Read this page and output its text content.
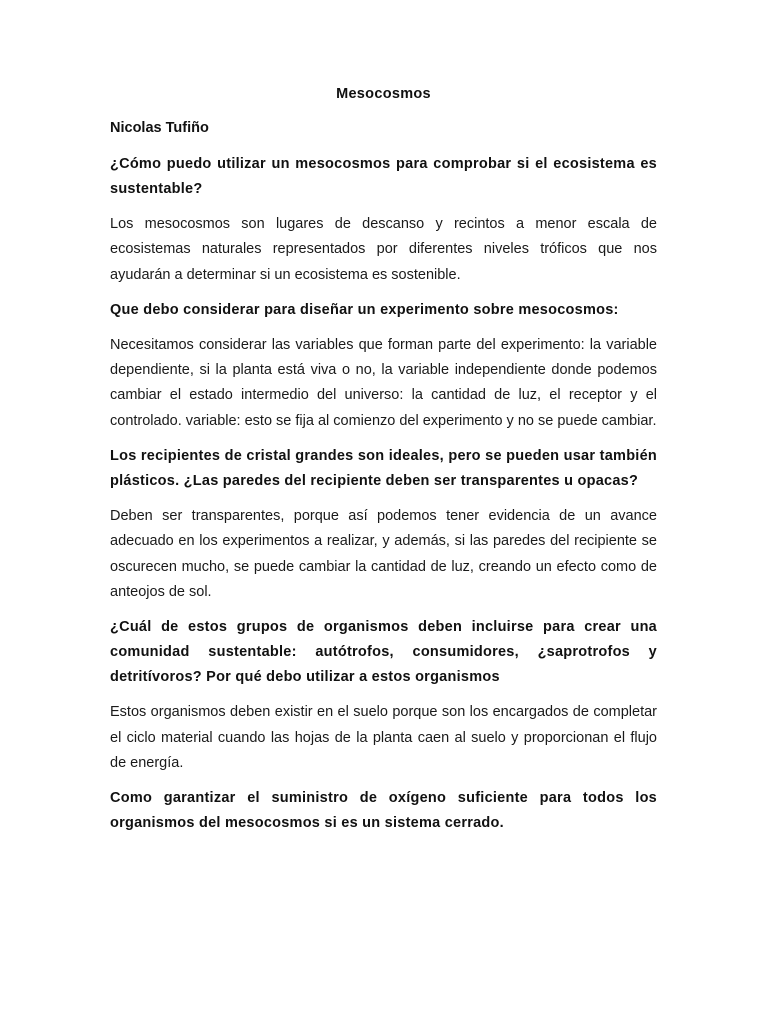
Mesocosmos
Nicolas Tufiño
¿Cómo puedo utilizar un mesocosmos para comprobar si el ecosistema es sustentable?
Los mesocosmos son lugares de descanso y recintos a menor escala de ecosistemas naturales representados por diferentes niveles tróficos que nos ayudarán a determinar si un ecosistema es sostenible.
Que debo considerar para diseñar un experimento sobre mesocosmos:
Necesitamos considerar las variables que forman parte del experimento: la variable dependiente, si la planta está viva o no, la variable independiente donde podemos cambiar el estado intermedio del universo: la cantidad de luz, el receptor y el controlado. variable: esto se fija al comienzo del experimento y no se puede cambiar.
Los recipientes de cristal grandes son ideales, pero se pueden usar también plásticos. ¿Las paredes del recipiente deben ser transparentes u opacas?
Deben ser transparentes, porque así podemos tener evidencia de un avance adecuado en los experimentos a realizar, y además, si las paredes del recipiente se oscurecen mucho, se puede cambiar la cantidad de luz, creando un efecto como de anteojos de sol.
¿Cuál de estos grupos de organismos deben incluirse para crear una comunidad sustentable: autótrofos, consumidores, ¿saprotrofos y detritívoros? Por qué debo utilizar a estos organismos
Estos organismos deben existir en el suelo porque son los encargados de completar el ciclo material cuando las hojas de la planta caen al suelo y proporcionan el flujo de energía.
Como garantizar el suministro de oxígeno suficiente para todos los organismos del mesocosmos si es un sistema cerrado.
